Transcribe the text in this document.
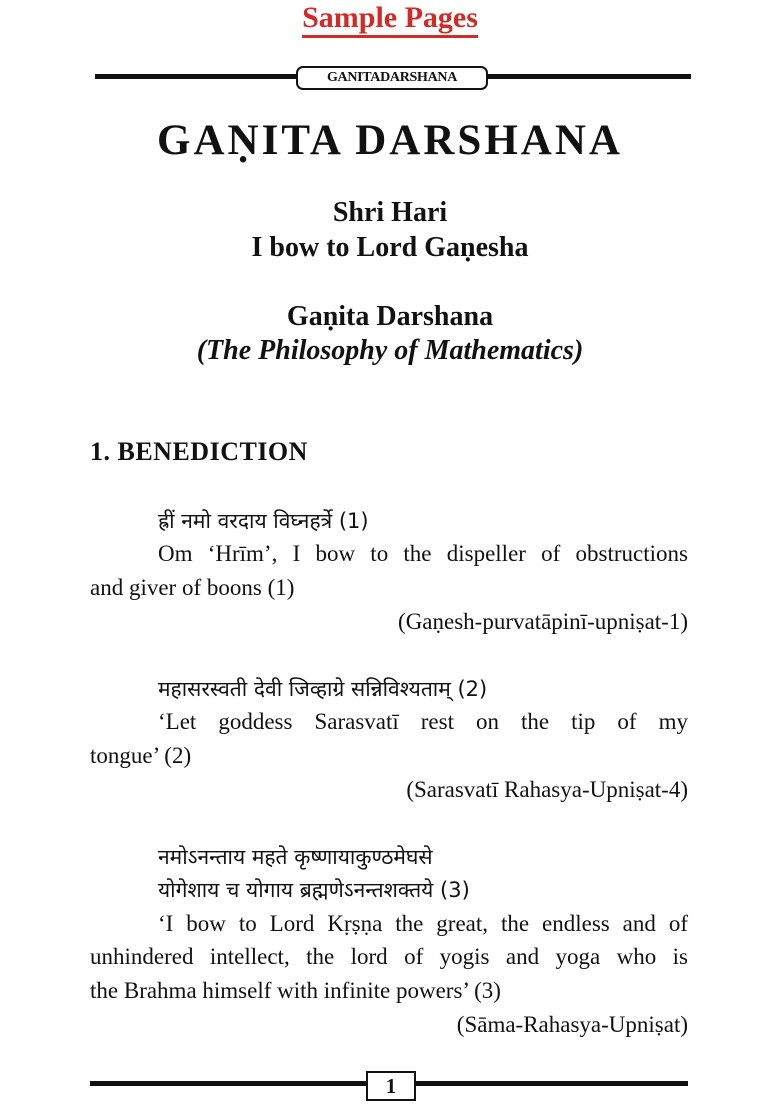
Sample Pages
GANITADARSHANA
GAṆITA DARSHANA
Shri Hari
I bow to Lord Gaṇesha
Gaṇita Darshana
(The Philosophy of Mathematics)
1. BENEDICTION
ह्रीं नमो वरदाय विघ्नहर्त्रे (1)
Om ‘Hrīm’, I bow to the dispeller of obstructions
and giver of boons (1)
(Gaṇesh-purvatāpinī-upniṣat-1)
महासरस्वती देवी जिव्हाग्रे सन्निविश्यताम् (2)
‘Let goddess Sarasvatī rest on the tip of my
tongue’ (2)
(Sarasvatī Rahasya-Upniṣat-4)
नमोऽनन्ताय महते कृष्णायाकुण्ठमेघसे
योगेशाय च योगाय ब्रह्मणेऽनन्तशक्तये (3)
‘I bow to Lord Kṛṣṇa the great, the endless and of
unhindered intellect, the lord of yogis and yoga who is
the Brahma himself with infinite powers’ (3)
(Sāma-Rahasya-Upniṣat)
1
